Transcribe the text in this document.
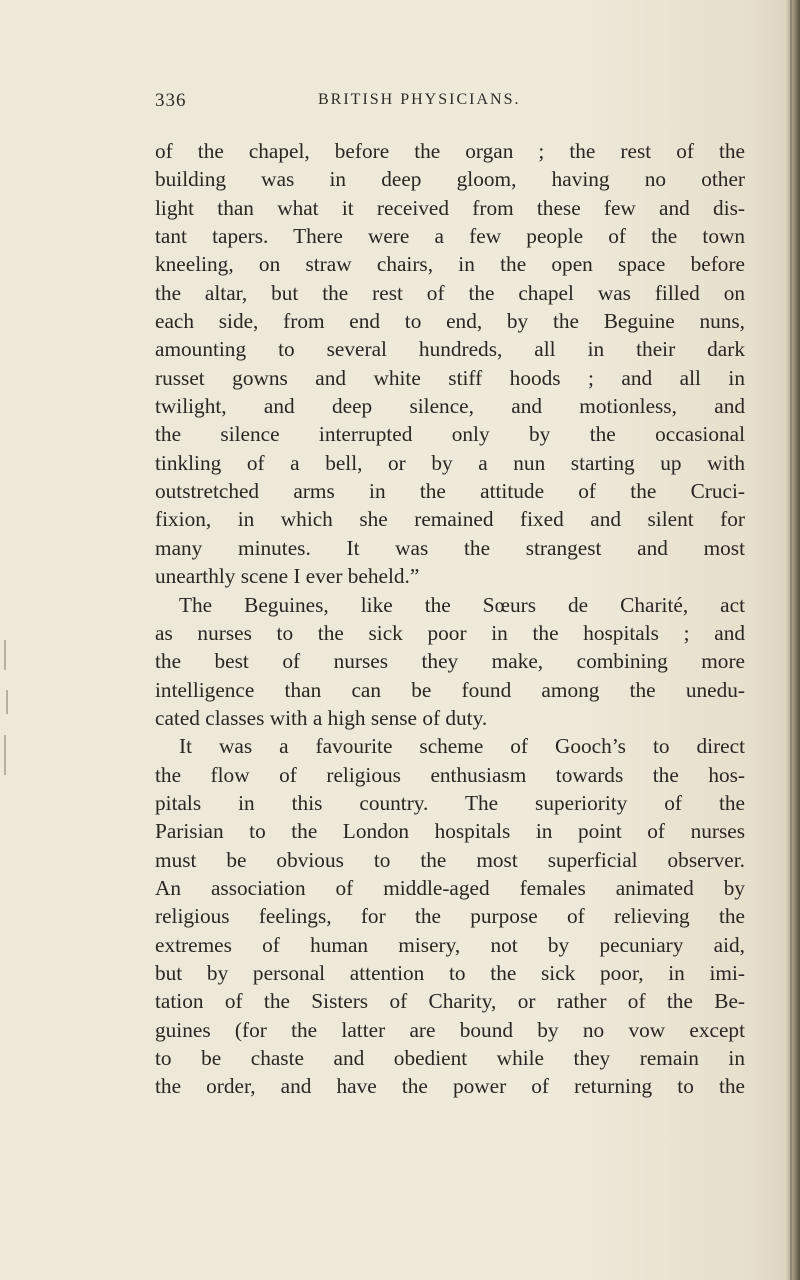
336	BRITISH PHYSICIANS.
of the chapel, before the organ ; the rest of the
building was in deep gloom, having no other
light than what it received from these few and dis-
tant tapers. There were a few people of the town
kneeling, on straw chairs, in the open space before
the altar, but the rest of the chapel was filled on
each side, from end to end, by the Beguine nuns,
amounting to several hundreds, all in their dark
russet gowns and white stiff hoods ; and all in
twilight, and deep silence, and motionless, and
the silence interrupted only by the occasional
tinkling of a bell, or by a nun starting up with
outstretched arms in the attitude of the Cruci-
fixion, in which she remained fixed and silent for
many minutes. It was the strangest and most
unearthly scene I ever beheld.”
The Beguines, like the Sœurs de Charité, act
as nurses to the sick poor in the hospitals ; and
the best of nurses they make, combining more
intelligence than can be found among the unedu-
cated classes with a high sense of duty.
It was a favourite scheme of Gooch’s to direct
the flow of religious enthusiasm towards the hos-
pitals in this country. The superiority of the
Parisian to the London hospitals in point of nurses
must be obvious to the most superficial observer.
An association of middle-aged females animated by
religious feelings, for the purpose of relieving the
extremes of human misery, not by pecuniary aid,
but by personal attention to the sick poor, in imi-
tation of the Sisters of Charity, or rather of the Be-
guines (for the latter are bound by no vow except
to be chaste and obedient while they remain in
the order, and have the power of returning to the
